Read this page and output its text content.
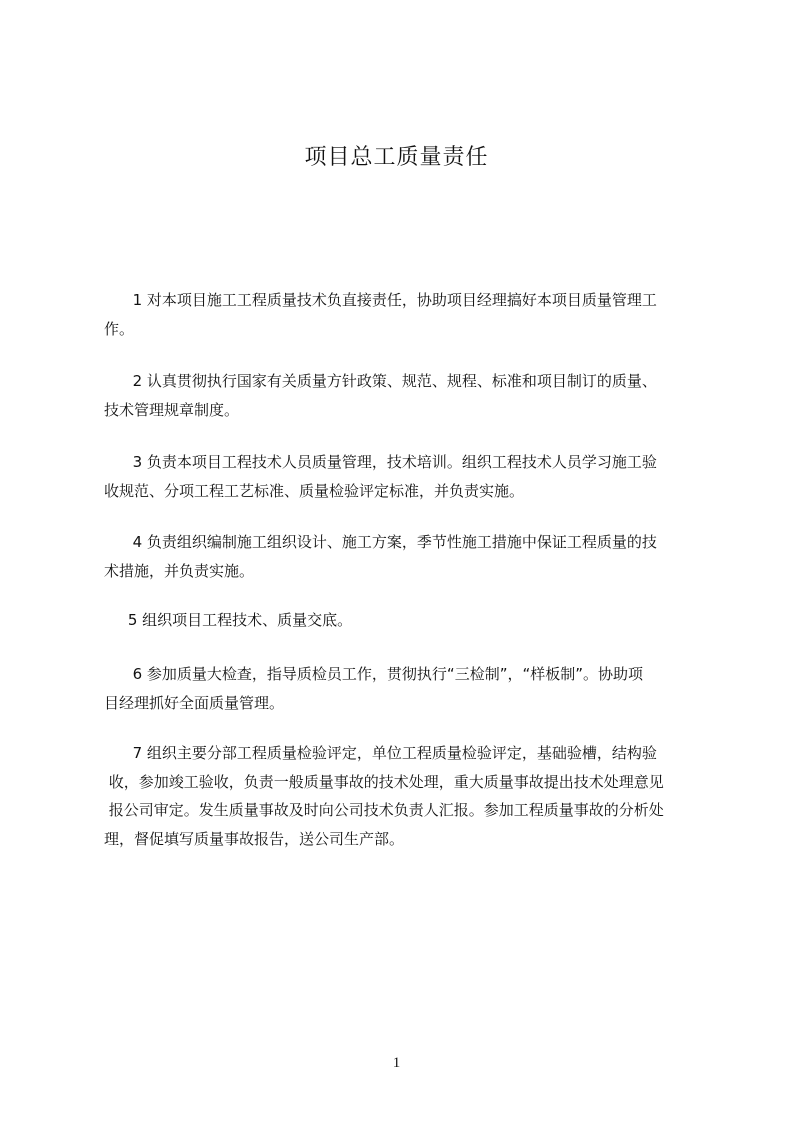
项目总工质量责任
1 对本项目施工工程质量技术负直接责任，协助项目经理搞好本项目质量管理工
作。
2 认真贯彻执行国家有关质量方针政策、规范、规程、标准和项目制订的质量、
技术管理规章制度。
3 负责本项目工程技术人员质量管理，技术培训。组织工程技术人员学习施工验
收规范、分项工程工艺标准、质量检验评定标准，并负责实施。
4 负责组织编制施工组织设计、施工方案，季节性施工措施中保证工程质量的技
术措施，并负责实施。
5 组织项目工程技术、质量交底。
6 参加质量大检查，指导质检员工作，贯彻执行“三检制”，“样板制”。协助项
目经理抓好全面质量管理。
7 组织主要分部工程质量检验评定，单位工程质量检验评定，基础验槽，结构验
收，参加竣工验收，负责一般质量事故的技术处理，重大质量事故提出技术处理意见
报公司审定。发生质量事故及时向公司技术负责人汇报。参加工程质量事故的分析处
理，督促填写质量事故报告，送公司生产部。
1
